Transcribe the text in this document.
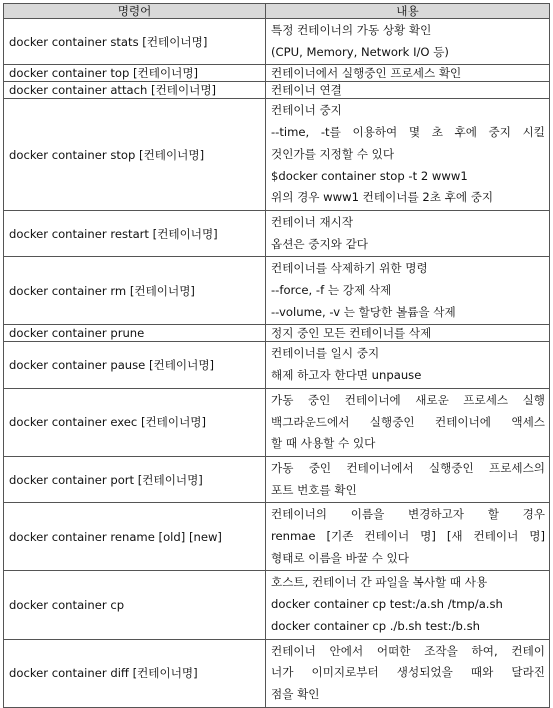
명령어	내용
docker container stats [컨테이너명]	특정 컨테이너의 가동 상황 확인
(CPU, Memory, Network I/O 등)

docker container top [컨테이너명]	컨테이너에서 실행중인 프로세스 확인

docker container attach [컨테이너명]	컨테이너 연결

docker container stop [컨테이너명]	컨테이너 중지
--time, -t를 이용하여 몇 초 후에 중지 시킬
것인가를 지정할 수 있다
$docker container stop -t 2 www1
위의 경우 www1 컨테이너를 2초 후에 중지

docker container restart [컨테이너명]	컨테이너 재시작
옵션은 중지와 같다

docker container rm [컨테이너명]	컨테이너를 삭제하기 위한 명령
--force, -f 는 강제 삭제
--volume, -v 는 할당한 볼륨을 삭제

docker container prune	정지 중인 모든 컨테이너를 삭제

docker container pause [컨테이너명]	컨테이너를 일시 중지
해제 하고자 한다면 unpause

docker container exec [컨테이너명]	가동 중인 컨테이너에 새로운 프로세스 실행
백그라운드에서 실행중인 컨테이너에 액세스
할 때 사용할 수 있다

docker container port [컨테이너명]	가동 중인 컨테이너에서 실행중인 프로세스의
포트 번호를 확인

docker container rename [old] [new]	컨테이너의 이름을 변경하고자 할 경우
renmae [기존 컨테이너 명] [새 컨테이너 명]
형태로 이름을 바꿀 수 있다

docker container cp	호스트, 컨테이너 간 파일을 복사할 때 사용
docker container cp test:/a.sh /tmp/a.sh
docker container cp ./b.sh test:/b.sh

docker container diff [컨테이너명]	컨테이너 안에서 어떠한 조작을 하여, 컨테이
너가 이미지로부터 생성되었을 때와 달라진
점을 확인
